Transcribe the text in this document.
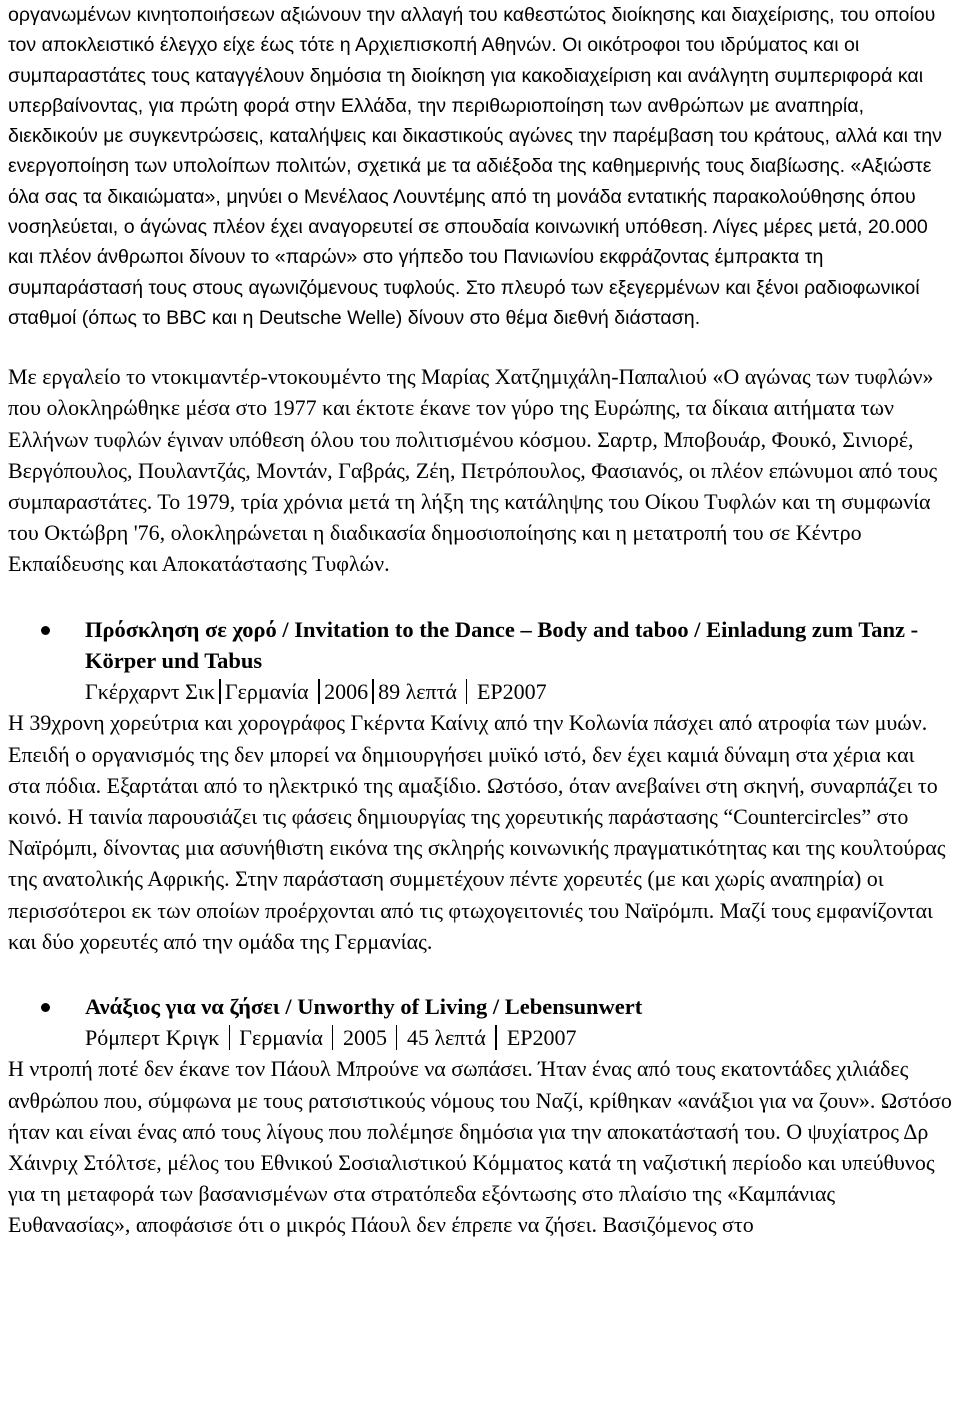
οργανωμένων κινητοποιήσεων αξιώνουν την αλλαγή του καθεστώτος διοίκησης και διαχείρισης, του οποίου τον αποκλειστικό έλεγχο είχε έως τότε η Αρχιεπισκοπή Αθηνών. Οι οικότροφοι του ιδρύματος και οι συμπαραστάτες τους καταγγέλουν δημόσια τη διοίκηση για κακοδιαχείριση και ανάλγητη συμπεριφορά και υπερβαίνοντας, για πρώτη φορά στην Ελλάδα, την περιθωριοποίηση των ανθρώπων με αναπηρία, διεκδικούν με συγκεντρώσεις, καταλήψεις και δικαστικούς αγώνες την παρέμβαση του κράτους, αλλά και την ενεργοποίηση των υπολοίπων πολιτών, σχετικά με τα αδιέξοδα της καθημερινής τους διαβίωσης. «Αξιώστε όλα σας τα δικαιώματα», μηνύει ο Μενέλαος Λουντέμης από τη μονάδα εντατικής παρακολούθησης όπου νοσηλεύεται, ο άγώνας πλέον έχει αναγορευτεί σε σπουδαία κοινωνική υπόθεση. Λίγες μέρες μετά, 20.000 και πλέον άνθρωποι δίνουν το «παρών» στο γήπεδο του Πανιωνίου εκφράζοντας έμπρακτα τη συμπαράστασή τους στους αγωνιζόμενους τυφλούς. Στο πλευρό των εξεγερμένων και ξένοι ραδιοφωνικοί σταθμοί (όπως το BBC και η Deutsche Welle) δίνουν στο θέμα διεθνή διάσταση.

Με εργαλείο το ντοκιμαντέρ-ντοκουμέντο της Μαρίας Χατζημιχάλη-Παπαλιού «Ο αγώνας των τυφλών» που ολοκληρώθηκε μέσα στο 1977 και έκτοτε έκανε τον γύρο της Ευρώπης, τα δίκαια αιτήματα των Ελλήνων τυφλών έγιναν υπόθεση όλου του πολιτισμένου κόσμου. Σαρτρ, Μποβουάρ, Φουκό, Σινιορέ, Βεργόπουλος, Πουλαντζάς, Μοντάν, Γαβράς, Ζέη, Πετρόπουλος, Φασιανός, οι πλέον επώνυμοι από τους συμπαραστάτες. Το 1979, τρία χρόνια μετά τη λήξη της κατάληψης του Οίκου Τυφλών και τη συμφωνία του Οκτώβρη '76, ολοκληρώνεται η διαδικασία δημοσιοποίησης και η μετατροπή του σε Κέντρο Εκπαίδευσης και Αποκατάστασης Τυφλών.

Πρόσκληση σε χορό / Invitation to the Dance – Body and taboo / Einladung zum Tanz - Körper und Tabus
Γκέρχαρντ Σικ Γερμανία 2006 89 λεπτά ΕΡ2007

Η 39χρονη χορεύτρια και χορογράφος Γκέρντα Καίνιχ από την Κολωνία πάσχει από ατροφία των μυών. Επειδή ο οργανισμός της δεν μπορεί να δημιουργήσει μυϊκό ιστό, δεν έχει καμιά δύναμη στα χέρια και στα πόδια. Εξαρτάται από το ηλεκτρικό της αμαξίδιο. Ωστόσο, όταν ανεβαίνει στη σκηνή, συναρπάζει το κοινό. Η ταινία παρουσιάζει τις φάσεις δημιουργίας της χορευτικής παράστασης “Countercircles” στο Ναϊρόμπι, δίνοντας μια ασυνήθιστη εικόνα της σκληρής κοινωνικής πραγματικότητας και της κουλτούρας της ανατολικής Αφρικής. Στην παράσταση συμμετέχουν πέντε χορευτές (με και χωρίς αναπηρία) οι περισσότεροι εκ των οποίων προέρχονται από τις φτωχογειτονιές του Ναϊρόμπι. Μαζί τους εμφανίζονται και δύο χορευτές από την ομάδα της Γερμανίας.

Ανάξιος για να ζήσει / Unworthy of Living / Lebensunwert
Ρόμπερτ Κριγκ Γερμανία 2005 45 λεπτά ΕΡ2007

Η ντροπή ποτέ δεν έκανε τον Πάουλ Μπρούνε να σωπάσει. Ήταν ένας από τους εκατοντάδες χιλιάδες ανθρώπου που, σύμφωνα με τους ρατσιστικούς νόμους του Ναζί, κρίθηκαν «ανάξιοι για να ζουν». Ωστόσο ήταν και είναι ένας από τους λίγους που πολέμησε δημόσια για την αποκατάστασή του. Ο ψυχίατρος Δρ Χάινριχ Στόλτσε, μέλος του Εθνικού Σοσιαλιστικού Κόμματος κατά τη ναζιστική περίοδο και υπεύθυνος για τη μεταφορά των βασανισμένων στα στρατόπεδα εξόντωσης στο πλαίσιο της «Καμπάνιας Ευθανασίας», αποφάσισε ότι ο μικρός Πάουλ δεν έπρεπε να ζήσει. Βασιζόμενος στο
